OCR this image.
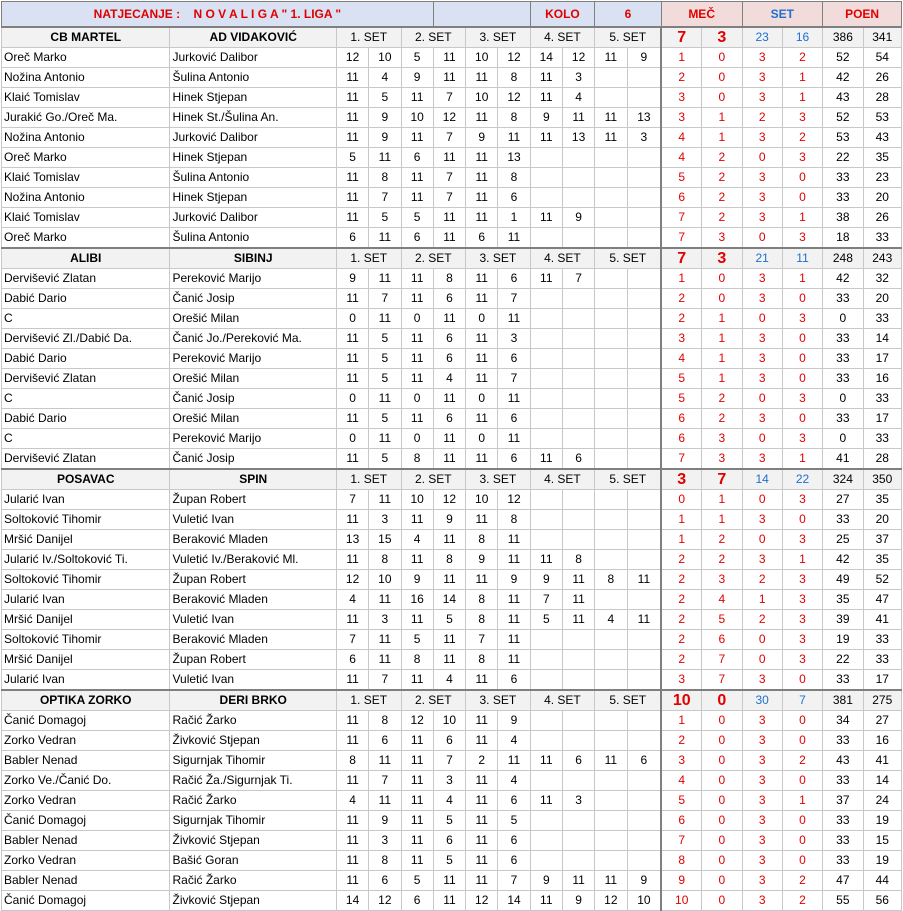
NATJECANJE : N O V A L I G A " 1. LIGA "								KOLO		6		MEČ		SET		POEN	
CB MARTEL	AD VIDAKOVIĆ	1. SET		2. SET		3. SET		4. SET		5. SET		7	3	23	16	386	341
Oreč Marko	Jurković Dalibor	12	10	5	11	10	12	14	12	11	9	1	0	3	2	52	54
Nožina Antonio	Šulina Antonio	11	4	9	11	11	8	11	3			2	0	3	1	42	26
Klaić Tomislav	Hinek Stjepan	11	5	11	7	10	12	11	4			3	0	3	1	43	28
Jurakić Go./Oreč Ma.	Hinek St./Šulina An.	11	9	10	12	11	8	9	11	11	13	3	1	2	3	52	53
Nožina Antonio	Jurković Dalibor	11	9	11	7	9	11	11	13	11	3	4	1	3	2	53	43
Oreč Marko	Hinek Stjepan	5	11	6	11	11	13					4	2	0	3	22	35
Klaić Tomislav	Šulina Antonio	11	8	11	7	11	8					5	2	3	0	33	23
Nožina Antonio	Hinek Stjepan	11	7	11	7	11	6					6	2	3	0	33	20
Klaić Tomislav	Jurković Dalibor	11	5	5	11	11	1	11	9			7	2	3	1	38	26
Oreč Marko	Šulina Antonio	6	11	6	11	6	11					7	3	0	3	18	33
ALIBI	SIBINJ	1. SET		2. SET		3. SET		4. SET		5. SET		7	3	21	11	248	243
Dervišević Zlatan	Pereković Marijo	9	11	11	8	11	6	11	7			1	0	3	1	42	32
Dabić Dario	Čanić Josip	11	7	11	6	11	7					2	0	3	0	33	20
C	Orešić Milan	0	11	0	11	0	11					2	1	0	3	0	33
Dervišević Zl./Dabić Da.	Čanić Jo./Pereković Ma.	11	5	11	6	11	3					3	1	3	0	33	14
Dabić Dario	Pereković Marijo	11	5	11	6	11	6					4	1	3	0	33	17
Dervišević Zlatan	Orešić Milan	11	5	11	4	11	7					5	1	3	0	33	16
C	Čanić Josip	0	11	0	11	0	11					5	2	0	3	0	33
Dabić Dario	Orešić Milan	11	5	11	6	11	6					6	2	3	0	33	17
C	Pereković Marijo	0	11	0	11	0	11					6	3	0	3	0	33
Dervišević Zlatan	Čanić Josip	11	5	8	11	11	6	11	6			7	3	3	1	41	28
POSAVAC	SPIN	1. SET		2. SET		3. SET		4. SET		5. SET		3	7	14	22	324	350
Jularić Ivan	Župan Robert	7	11	10	12	10	12					0	1	0	3	27	35
Soltoković Tihomir	Vuletić Ivan	11	3	11	9	11	8					1	1	3	0	33	20
Mršić Danijel	Beraković Mladen	13	15	4	11	8	11					1	2	0	3	25	37
Jularić Iv./Soltoković Ti.	Vuletić Iv./Beraković Ml.	11	8	11	8	9	11	11	8			2	2	3	1	42	35
Soltoković Tihomir	Župan Robert	12	10	9	11	11	9	9	11	8	11	2	3	2	3	49	52
Jularić Ivan	Beraković Mladen	4	11	16	14	8	11	7	11			2	4	1	3	35	47
Mršić Danijel	Vuletić Ivan	11	3	11	5	8	11	5	11	4	11	2	5	2	3	39	41
Soltoković Tihomir	Beraković Mladen	7	11	5	11	7	11					2	6	0	3	19	33
Mršić Danijel	Župan Robert	6	11	8	11	8	11					2	7	0	3	22	33
Jularić Ivan	Vuletić Ivan	11	7	11	4	11	6					3	7	3	0	33	17
OPTIKA ZORKO	DERI BRKO	1. SET		2. SET		3. SET		4. SET		5. SET		10	0	30	7	381	275
Čanić Domagoj	Račić Žarko	11	8	12	10	11	9					1	0	3	0	34	27
Zorko Vedran	Živković Stjepan	11	6	11	6	11	4					2	0	3	0	33	16
Babler Nenad	Sigurnjak Tihomir	8	11	11	7	2	11	11	6	11	6	3	0	3	2	43	41
Zorko Ve./Čanić Do.	Račić Ža./Sigurnjak Ti.	11	7	11	3	11	4					4	0	3	0	33	14
Zorko Vedran	Račić Žarko	4	11	11	4	11	6	11	3			5	0	3	1	37	24
Čanić Domagoj	Sigurnjak Tihomir	11	9	11	5	11	5					6	0	3	0	33	19
Babler Nenad	Živković Stjepan	11	3	11	6	11	6					7	0	3	0	33	15
Zorko Vedran	Bašić Goran	11	8	11	5	11	6					8	0	3	0	33	19
Babler Nenad	Račić Žarko	11	6	5	11	11	7	9	11	11	9	9	0	3	2	47	44
Čanić Domagoj	Živković Stjepan	14	12	6	11	12	14	11	9	12	10	10	0	3	2	55	56
